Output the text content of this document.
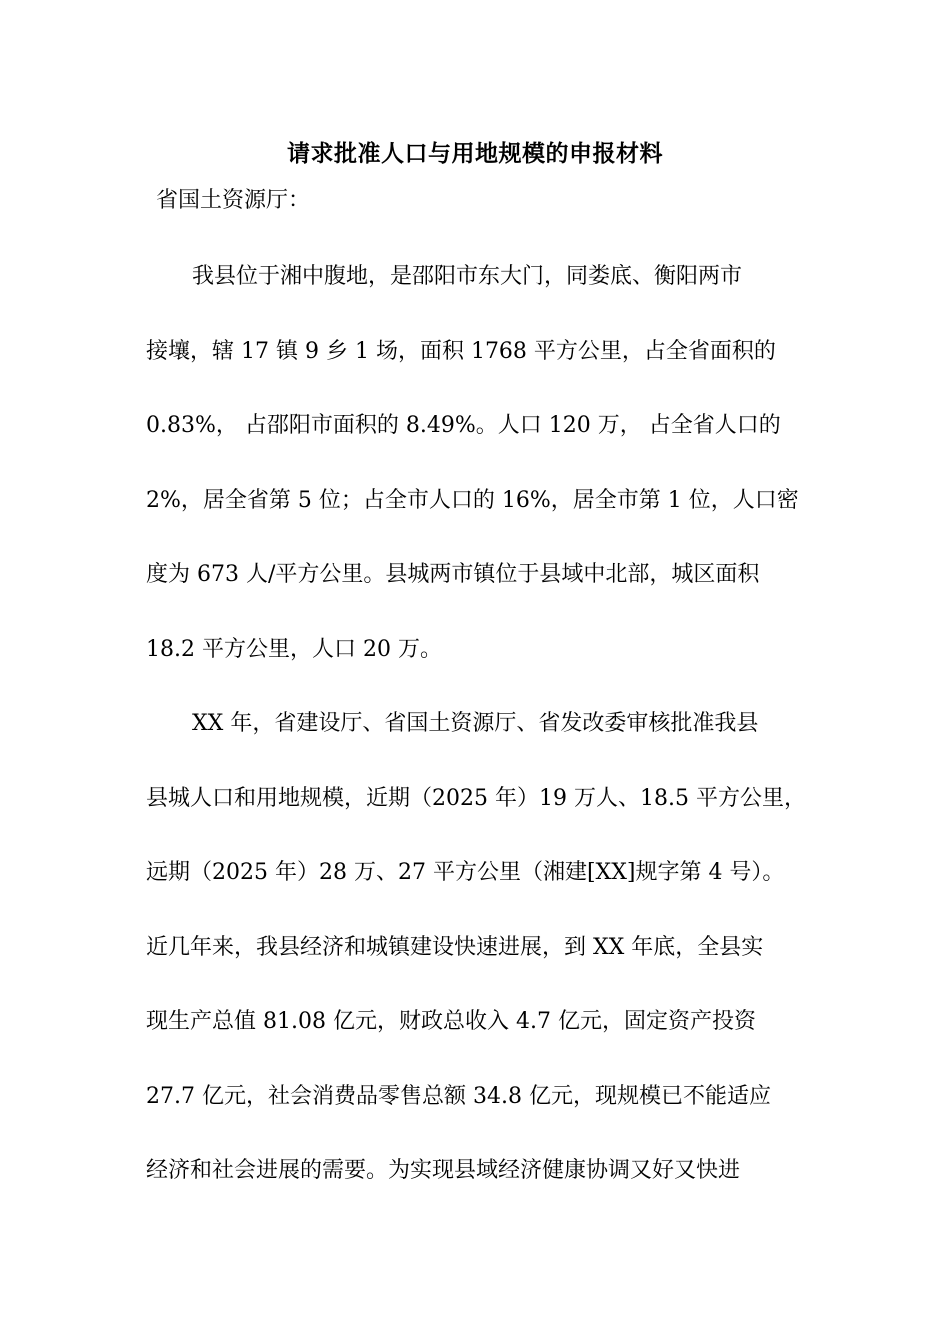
请求批准人口与用地规模的申报材料
省国土资源厅：
我县位于湘中腹地，是邵阳市东大门，同娄底、衡阳两市
接壤，辖 17 镇 9 乡 1 场，面积 1768 平方公里，占全省面积的
0.83%， 占邵阳市面积的 8.49%。人口 120 万， 占全省人口的
2%，居全省第 5 位；占全市人口的 16%，居全市第 1 位，人口密
度为 673 人/平方公里。县城两市镇位于县域中北部，城区面积
18.2 平方公里，人口 20 万。
XX 年，省建设厅、省国土资源厅、省发改委审核批准我县
县城人口和用地规模，近期（2025 年）19 万人、18.5 平方公里，
远期（2025 年）28 万、27 平方公里（湘建[XX]规字第 4 号）。
近几年来，我县经济和城镇建设快速进展，到 XX 年底，全县实
现生产总值 81.08 亿元，财政总收入 4.7 亿元，固定资产投资
27.7 亿元，社会消费品零售总额 34.8 亿元，现规模已不能适应
经济和社会进展的需要。为实现县域经济健康协调又好又快进
